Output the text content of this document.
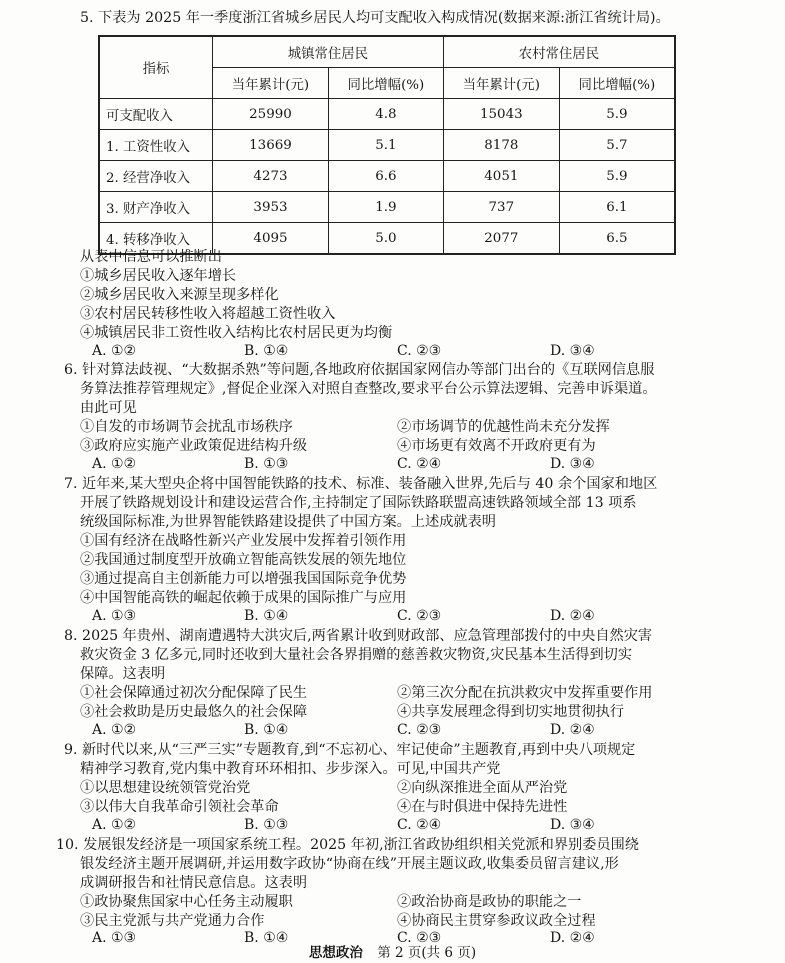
5. 下表为 2025 年一季度浙江省城乡居民人均可支配收入构成情况(数据来源:浙江省统计局)。
指标	城镇常住居民		农村常住居民	
	当年累计(元)	同比增幅(%)	当年累计(元)	同比增幅(%)
可支配收入	25990	4.8	15043	5.9
1. 工资性收入	13669	5.1	8178	5.7
2. 经营净收入	4273	6.6	4051	5.9
3. 财产净收入	3953	1.9	737	6.1
4. 转移净收入	4095	5.0	2077	6.5
从表中信息可以推断出
①城乡居民收入逐年增长
②城乡居民收入来源呈现多样化
③农村居民转移性收入将超越工资性收入
④城镇居民非工资性收入结构比农村居民更为均衡
A. ①②	B. ①④	C. ②③	D. ③④
6. 针对算法歧视、“大数据杀熟”等问题,各地政府依据国家网信办等部门出台的《互联网信息服
务算法推荐管理规定》,督促企业深入对照自查整改,要求平台公示算法逻辑、完善申诉渠道。
由此可见
①自发的市场调节会扰乱市场秩序	②市场调节的优越性尚未充分发挥
③政府应实施产业政策促进结构升级	④市场更有效离不开政府更有为
A. ①②	B. ①③	C. ②④	D. ③④
7. 近年来,某大型央企将中国智能铁路的技术、标准、装备融入世界,先后与 40 余个国家和地区
开展了铁路规划设计和建设运营合作,主持制定了国际铁路联盟高速铁路领域全部 13 项系
统级国际标准,为世界智能铁路建设提供了中国方案。上述成就表明
①国有经济在战略性新兴产业发展中发挥着引领作用
②我国通过制度型开放确立智能高铁发展的领先地位
③通过提高自主创新能力可以增强我国国际竞争优势
④中国智能高铁的崛起依赖于成果的国际推广与应用
A. ①③	B. ①④	C. ②③	D. ②④
8. 2025 年贵州、湖南遭遇特大洪灾后,两省累计收到财政部、应急管理部拨付的中央自然灾害
救灾资金 3 亿多元,同时还收到大量社会各界捐赠的慈善救灾物资,灾民基本生活得到切实
保障。这表明
①社会保障通过初次分配保障了民生	②第三次分配在抗洪救灾中发挥重要作用
③社会救助是历史最悠久的社会保障	④共享发展理念得到切实地贯彻执行
A. ①②	B. ①④	C. ②③	D. ②④
9. 新时代以来,从“三严三实”专题教育,到“不忘初心、牢记使命”主题教育,再到中央八项规定
精神学习教育,党内集中教育环环相扣、步步深入。可见,中国共产党
①以思想建设统领管党治党	②向纵深推进全面从严治党
③以伟大自我革命引领社会革命	④在与时俱进中保持先进性
A. ①②	B. ①③	C. ②④	D. ③④
10. 发展银发经济是一项国家系统工程。2025 年初,浙江省政协组织相关党派和界别委员围绕
银发经济主题开展调研,并运用数字政协“协商在线”开展主题议政,收集委员留言建议,形
成调研报告和社情民意信息。这表明
①政协聚焦国家中心任务主动履职	②政治协商是政协的职能之一
③民主党派与共产党通力合作	④协商民主贯穿参政议政全过程
A. ①③	B. ①④	C. ②③	D. ②④
思想政治 第 2 页(共 6 页)
